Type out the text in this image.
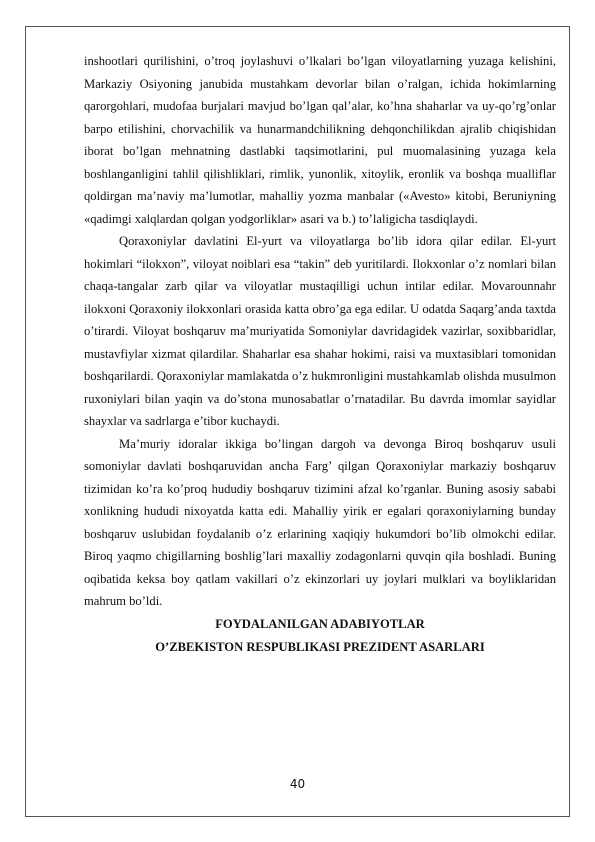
inshootlari qurilishini, o’troq joylashuvi o’lkalari bo’lgan viloyatlarning yuzaga kelishini, Markaziy Osiyoning janubida mustahkam devorlar bilan o’ralgan, ichida hokimlarning qarorgohlari, mudofaa burjalari mavjud bo’lgan qal’alar, ko’hna shaharlar va uy-qo’rg’onlar barpo etilishini, chorvachilik va hunarmandchilikning dehqonchilikdan ajralib chiqishidan iborat bo’lgan mehnatning dastlabki taqsimotlarini, pul muomalasining yuzaga kela boshlanganligini tahlil qilishliklari, rimlik, yunonlik, xitoylik, eronlik va boshqa mualliflar qoldirgan ma’naviy ma’lumotlar, mahalliy yozma manbalar («Avesto» kitobi, Beruniyning «qadimgi xalqlardan qolgan yodgorliklar» asari va b.) to’laligicha tasdiqlaydi.

Qoraxoniylar davlatini El-yurt va viloyatlarga bo’lib idora qilar edilar. El-yurt hokimlari “ilokxon”, viloyat noiblari esa “takin” deb yuritilardi. Ilokxonlar o’z nomlari bilan chaqa-tangalar zarb qilar va viloyatlar mustaqilligi uchun intilar edilar. Movarounnahr ilokxoni Qoraxoniy ilokxonlari orasida katta obro’ga ega edilar. U odatda Saqarg’anda taxtda o’tirardi. Viloyat boshqaruv ma’muriyatida Somoniylar davridagidek vazirlar, soxibbaridlar, mustavfiylar xizmat qilardilar. Shaharlar esa shahar hokimi, raisi va muxtasiblari tomonidan boshqarilardi. Qoraxoniylar mamlakatda o’z hukmronligini mustahkamlab olishda musulmon ruxoniylari bilan yaqin va do’stona munosabatlar o’rnatadilar. Bu davrda imomlar sayidlar shayxlar va sadrlarga e’tibor kuchaydi.

Ma’muriy idoralar ikkiga bo’lingan dargoh va devonga Biroq boshqaruv usuli somoniylar davlati boshqaruvidan ancha Farg’ qilgan Qoraxoniylar markaziy boshqaruv tizimidan ko’ra ko’proq hududiy boshqaruv tizimini afzal ko’rganlar. Buning asosiy sababi xonlikning hududi nixoyatda katta edi. Mahalliy yirik er egalari qoraxoniylarning bunday boshqaruv uslubidan foydalanib o’z erlarining xaqiqiy hukumdori bo’lib olmokchi edilar. Biroq yaqmo chigillarning boshlig’lari maxalliy zodagonlarni quvqin qila boshladi. Buning oqibatida keksa boy qatlam vakillari o’z ekinzorlari uy joylari mulklari va boyliklaridan mahrum bo’ldi.

FOYDALANILGAN ADABIYOTLAR

O’ZBEKISTON RESPUBLIKASI PREZIDENT ASARLARI

40
